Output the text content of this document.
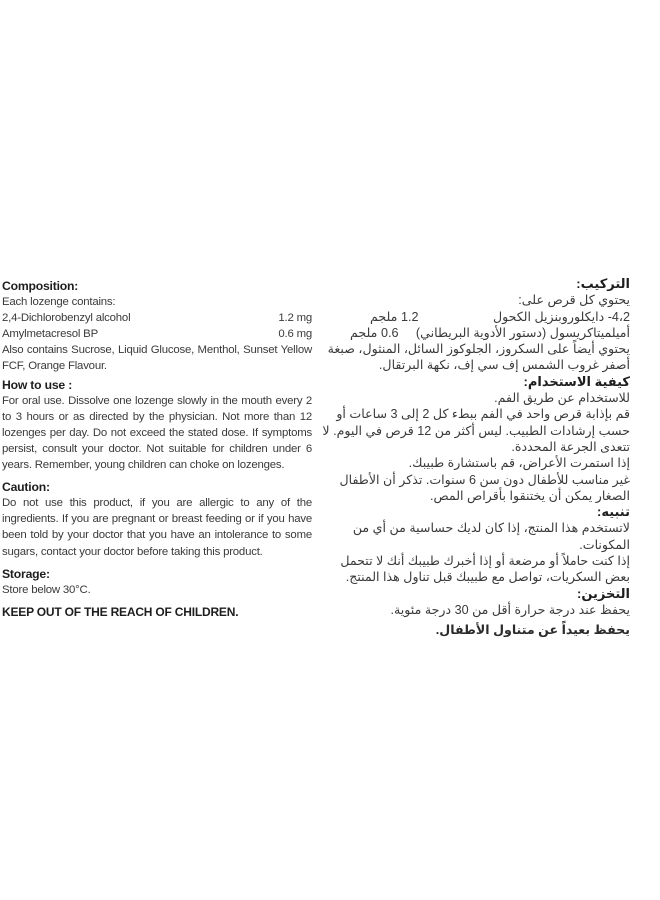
Composition:
Each lozenge contains:
2,4-Dichlorobenzyl alcohol	1.2 mg
Amylmetacresol BP	0.6 mg
Also contains Sucrose, Liquid Glucose, Menthol, Sunset Yellow FCF, Orange Flavour.
How to use :
For oral use. Dissolve one lozenge slowly in the mouth every 2 to 3 hours or as directed by the physician. Not more than 12 lozenges per day. Do not exceed the stated dose. If symptoms persist, consult your doctor. Not suitable for children under 6 years. Remember, young children can choke on lozenges.
Caution:
Do not use this product, if you are allergic to any of the ingredients. If you are pregnant or breast feeding or if you have been told by your doctor that you have an intolerance to some sugars, contact your doctor before taking this product.
Storage:
Store below 30°C.
KEEP OUT OF THE REACH OF CHILDREN.
التركيب:
يحتوي كل قرص على:
4،2- دايكلوروبنزيل الكحول
1.2 ملجم
أميلميتاكريسول (دستور الأدوية البريطاني)
0.6 ملجم
يحتوي أيضاً على السكروز، الجلوكوز السائل، المنثول، صبغة أصفر غروب الشمس إف سي إف، نكهة البرتقال.
كيفية الاستخدام:
للاستخدام عن طريق الفم.
قم بإذابة قرص واحد في الفم ببطء كل 2 إلى 3 ساعات أو حسب إرشادات الطبيب. ليس أكثر من 12 قرص في اليوم. لا تتعدى الجرعة المحددة.
إذا استمرت الأعراض، قم باستشارة طبيبك.
غير مناسب للأطفال دون سن 6 سنوات. تذكر أن الأطفال الصغار يمكن أن يختنقوا بأقراص المص.
تنبيه:
لاتستخدم هذا المنتج، إذا كان لديك حساسية من أي من المكونات.
إذا كنت حاملاً أو مرضعة أو إذا أخبرك طبيبك أنك لا تتحمل بعض السكريات، تواصل مع طبيبك قبل تناول هذا المنتج.
التخزين:
يحفظ عند درجة حرارة أقل من 30 درجة مئوية.
يحفظ بعيداً عن متناول الأطفال.
